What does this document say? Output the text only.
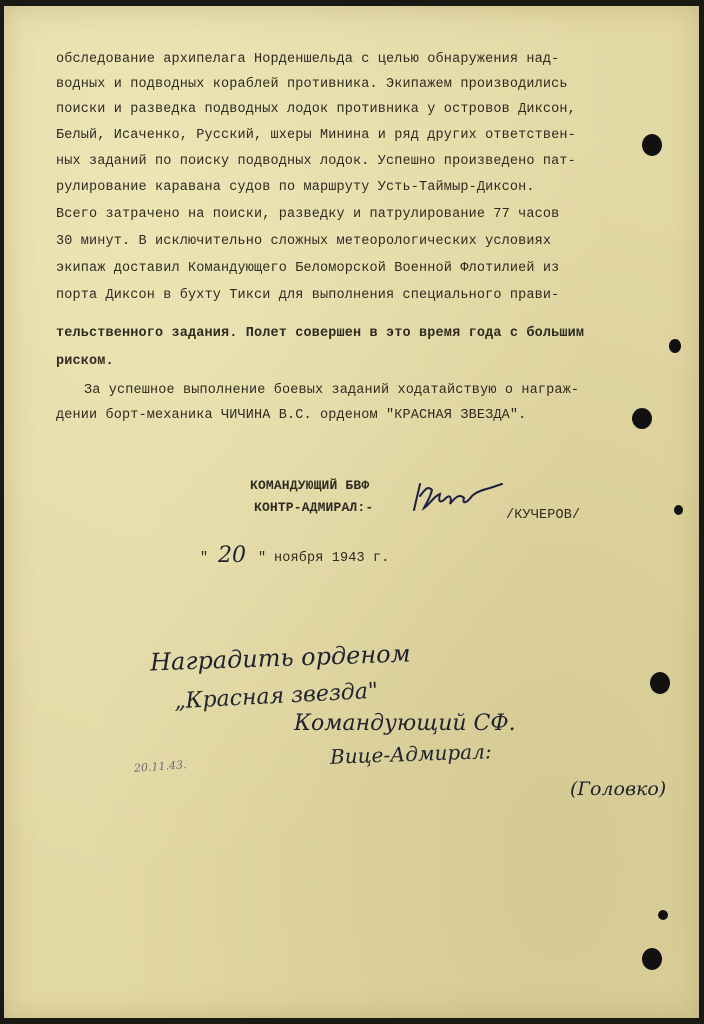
обследование архипелага Норденшельда с целью обнаружения над-

водных и подводных кораблей противника. Экипажем производились

поиски и разведка подводных лодок противника у островов Диксон,

Белый, Исаченко, Русский, шхеры Минина и ряд других ответствен-

ных заданий по поиску подводных лодок. Успешно произведено пат-

рулирование каравана судов по маршруту Усть-Таймыр-Диксон.

Всего затрачено на поиски, разведку и патрулирование 77 часов

30 минут. В исключительно сложных метеорологических условиях

экипаж доставил Командующего Беломорской Военной Флотилией из

порта Диксон в бухту Тикси для выполнения специального прави-

тельственного задания. Полет совершен в это время года с большим

риском.

За успешное выполнение боевых заданий ходатайствую о награж-

дении борт-механика ЧИЧИНА В.С. орденом "КРАСНАЯ ЗВЕЗДА".

КОМАНДУЮЩИЙ БВФ

КОНТР-АДМИРАЛ:-

/КУЧЕРОВ/

" 20 " ноября 1943 г.
Наградить орденом
„Красная звезда"
Командующий СФ.
Вице-Адмирал:
(Головко)
20.11.43.
